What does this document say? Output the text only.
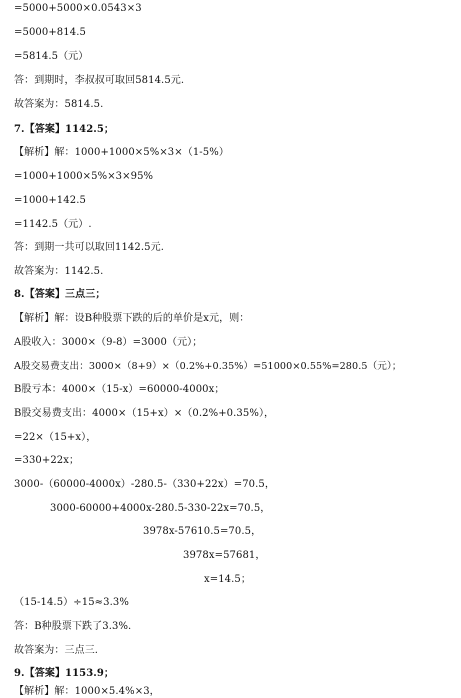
=5000+5000×0.0543×3
=5000+814.5
=5814.5（元）
答：到期时，李叔叔可取回5814.5元.
故答案为：5814.5.
7.【答案】1142.5；
【解析】解：1000+1000×5%×3×（1-5%）
=1000+1000×5%×3×95%
=1000+142.5
=1142.5（元）.
答：到期一共可以取回1142.5元.
故答案为：1142.5.
8.【答案】三点三；
【解析】解：设B种股票下跌的后的单价是x元，则：
A股收入：3000×（9-8）=3000（元）；
A股交易费支出：3000×（8+9）×（0.2%+0.35%）=51000×0.55%=280.5（元）；
B股亏本：4000×（15-x）=60000-4000x；
B股交易费支出：4000×（15+x）×（0.2%+0.35%），
=22×（15+x），
=330+22x；
3000-（60000-4000x）-280.5-（330+22x）=70.5，
3000-60000+4000x-280.5-330-22x=70.5，
3978x-57610.5=70.5，
3978x=57681，
x=14.5；
（15-14.5）÷15≈3.3%
答：B种股票下跌了3.3%.
故答案为：三点三.
9.【答案】1153.9；
【解析】解：1000×5.4%×3，
